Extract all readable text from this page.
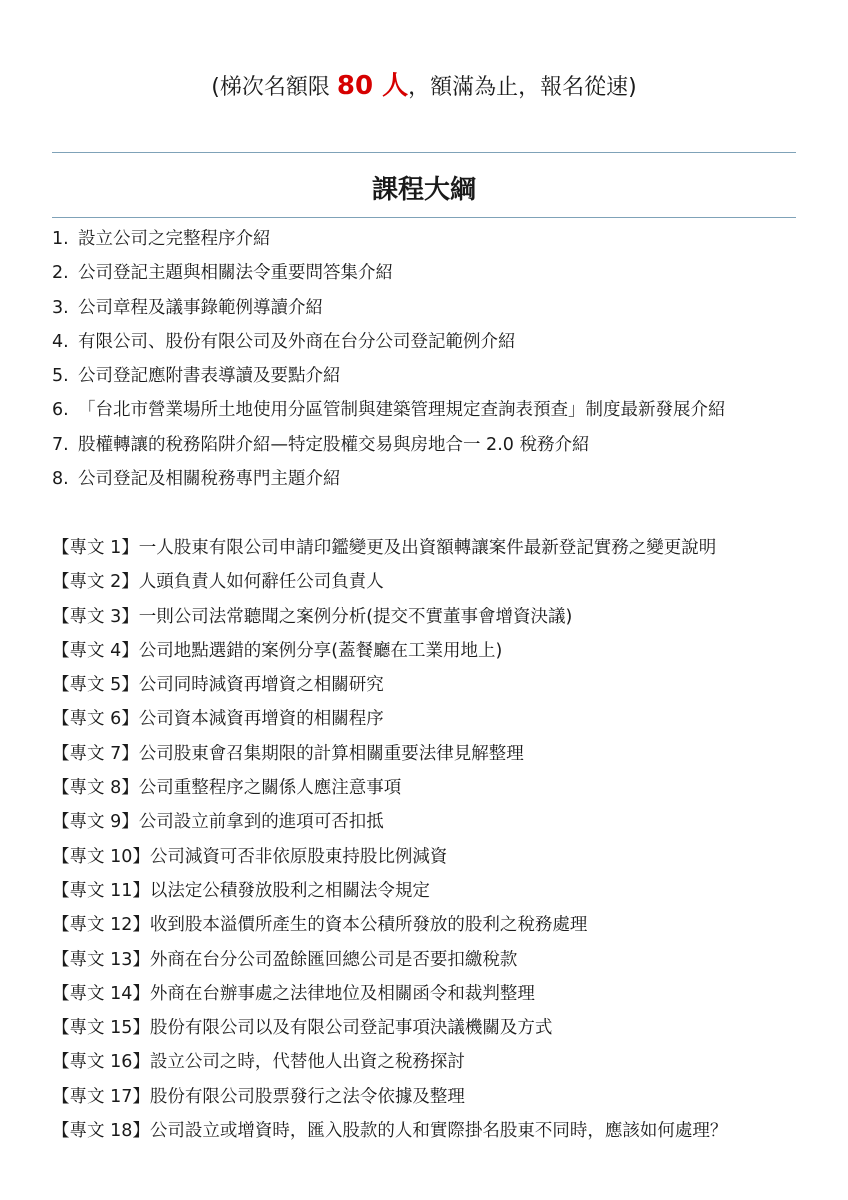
(梯次名額限 80 人，額滿為止，報名從速)
課程大綱
1. 設立公司之完整程序介紹
2. 公司登記主題與相關法令重要問答集介紹
3. 公司章程及議事錄範例導讀介紹
4. 有限公司、股份有限公司及外商在台分公司登記範例介紹
5. 公司登記應附書表導讀及要點介紹
6. 「台北市營業場所土地使用分區管制與建築管理規定查詢表預查」制度最新發展介紹
7. 股權轉讓的稅務陷阱介紹—特定股權交易與房地合一 2.0 稅務介紹
8. 公司登記及相關稅務專門主題介紹
【專文 1】一人股東有限公司申請印鑑變更及出資額轉讓案件最新登記實務之變更說明
【專文 2】人頭負責人如何辭任公司負責人
【專文 3】一則公司法常聽聞之案例分析(提交不實董事會增資決議)
【專文 4】公司地點選錯的案例分享(蓋餐廳在工業用地上)
【專文 5】公司同時減資再增資之相關研究
【專文 6】公司資本減資再增資的相關程序
【專文 7】公司股東會召集期限的計算相關重要法律見解整理
【專文 8】公司重整程序之關係人應注意事項
【專文 9】公司設立前拿到的進項可否扣抵
【專文 10】公司減資可否非依原股東持股比例減資
【專文 11】以法定公積發放股利之相關法令規定
【專文 12】收到股本溢價所產生的資本公積所發放的股利之稅務處理
【專文 13】外商在台分公司盈餘匯回總公司是否要扣繳稅款
【專文 14】外商在台辦事處之法律地位及相關函令和裁判整理
【專文 15】股份有限公司以及有限公司登記事項決議機關及方式
【專文 16】設立公司之時，代替他人出資之稅務探討
【專文 17】股份有限公司股票發行之法令依據及整理
【專文 18】公司設立或增資時，匯入股款的人和實際掛名股東不同時，應該如何處理？
